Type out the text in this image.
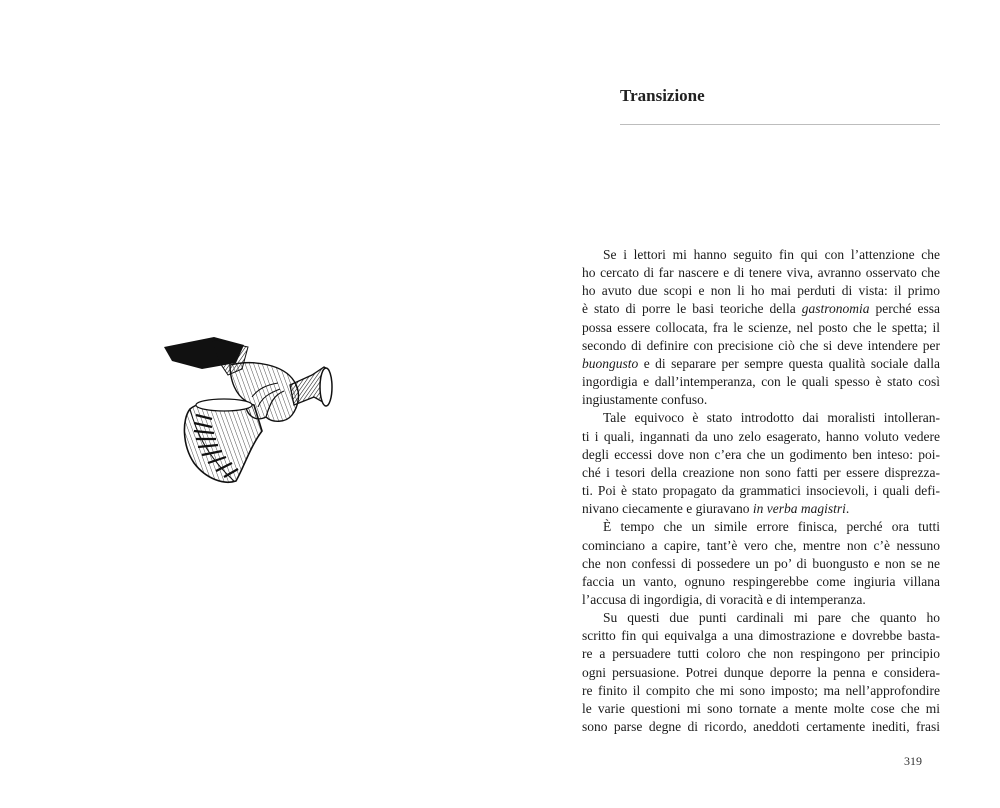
Transizione

Se i lettori mi hanno seguito fin qui con l’attenzione che
ho cercato di far nascere e di tenere viva, avranno osservato che
ho avuto due scopi e non li ho mai perduti di vista: il primo
è stato di porre le basi teoriche della gastronomia perché essa
possa essere collocata, fra le scienze, nel posto che le spetta; il
secondo di definire con precisione ciò che si deve intendere per
buongusto e di separare per sempre questa qualità sociale dalla
ingordigia e dall’intemperanza, con le quali spesso è stato così
ingiustamente confuso.

Tale equivoco è stato introdotto dai moralisti intolleran-
ti i quali, ingannati da uno zelo esagerato, hanno voluto vedere
degli eccessi dove non c’era che un godimento ben inteso: poi-
ché i tesori della creazione non sono fatti per essere disprezza-
ti. Poi è stato propagato da grammatici insocievoli, i quali defi-
nivano ciecamente e giuravano in verba magistri.

È tempo che un simile errore finisca, perché ora tutti
cominciano a capire, tant’è vero che, mentre non c’è nessuno
che non confessi di possedere un po’ di buongusto e non se ne
faccia un vanto, ognuno respingerebbe come ingiuria villana
l’accusa di ingordigia, di voracità e di intemperanza.

Su questi due punti cardinali mi pare che quanto ho
scritto fin qui equivalga a una dimostrazione e dovrebbe basta-
re a persuadere tutti coloro che non respingono per principio
ogni persuasione. Potrei dunque deporre la penna e considera-
re finito il compito che mi sono imposto; ma nell’approfondire
le varie questioni mi sono tornate a mente molte cose che mi
sono parse degne di ricordo, aneddoti certamente inediti, frasi

319
